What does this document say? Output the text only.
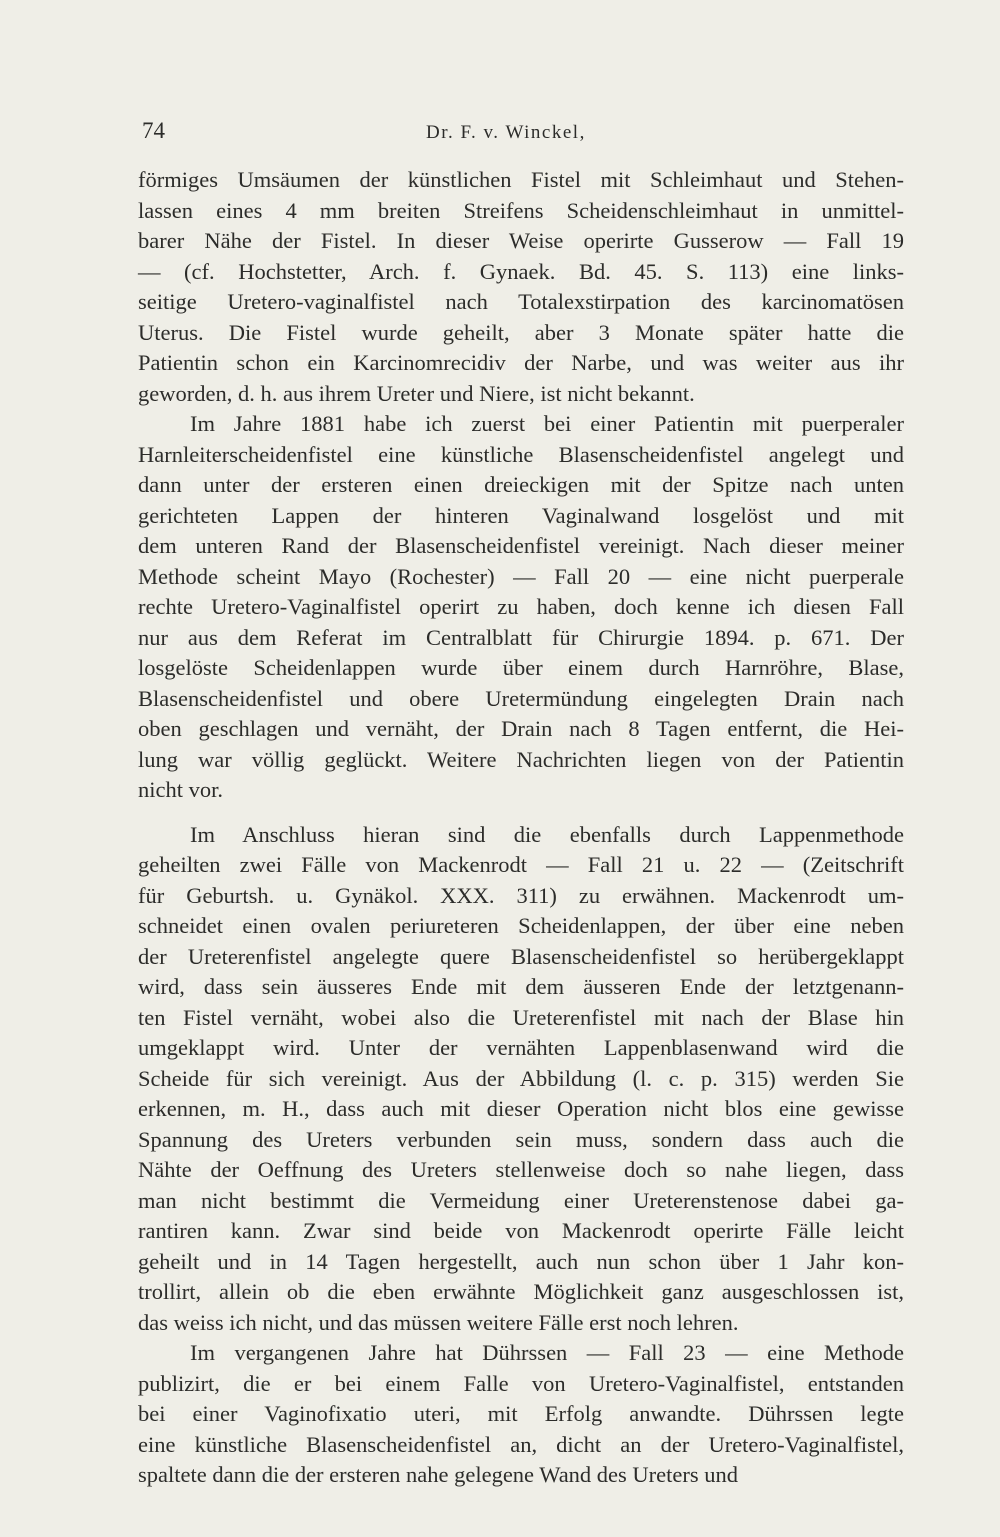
74	Dr. F. v. Winckel,
förmiges Umsäumen der künstlichen Fistel mit Schleimhaut und Stehen-
lassen eines 4 mm breiten Streifens Scheidenschleimhaut in unmittel-
barer Nähe der Fistel. In dieser Weise operirte Gusserow — Fall 19
— (cf. Hochstetter, Arch. f. Gynaek. Bd. 45. S. 113) eine links-
seitige Uretero-vaginalfistel nach Totalexstirpation des karcinomatösen
Uterus. Die Fistel wurde geheilt, aber 3 Monate später hatte die
Patientin schon ein Karcinomrecidiv der Narbe, und was weiter aus ihr
geworden, d. h. aus ihrem Ureter und Niere, ist nicht bekannt.
Im Jahre 1881 habe ich zuerst bei einer Patientin mit puerperaler
Harnleiterscheidenfistel eine künstliche Blasenscheidenfistel angelegt und
dann unter der ersteren einen dreieckigen mit der Spitze nach unten
gerichteten Lappen der hinteren Vaginalwand losgelöst und mit
dem unteren Rand der Blasenscheidenfistel vereinigt. Nach dieser meiner
Methode scheint Mayo (Rochester) — Fall 20 — eine nicht puerperale
rechte Uretero-Vaginalfistel operirt zu haben, doch kenne ich diesen Fall
nur aus dem Referat im Centralblatt für Chirurgie 1894. p. 671. Der
losgelöste Scheidenlappen wurde über einem durch Harnröhre, Blase,
Blasenscheidenfistel und obere Uretermündung eingelegten Drain nach
oben geschlagen und vernäht, der Drain nach 8 Tagen entfernt, die Hei-
lung war völlig geglückt. Weitere Nachrichten liegen von der Patientin
nicht vor.
Im Anschluss hieran sind die ebenfalls durch Lappenmethode
geheilten zwei Fälle von Mackenrodt — Fall 21 u. 22 — (Zeitschrift
für Geburtsh. u. Gynäkol. XXX. 311) zu erwähnen. Mackenrodt um-
schneidet einen ovalen periureteren Scheidenlappen, der über eine neben
der Ureterenfistel angelegte quere Blasenscheidenfistel so herübergeklappt
wird, dass sein äusseres Ende mit dem äusseren Ende der letztgenann-
ten Fistel vernäht, wobei also die Ureterenfistel mit nach der Blase hin
umgeklappt wird. Unter der vernähten Lappenblasenwand wird die
Scheide für sich vereinigt. Aus der Abbildung (l. c. p. 315) werden Sie
erkennen, m. H., dass auch mit dieser Operation nicht blos eine gewisse
Spannung des Ureters verbunden sein muss, sondern dass auch die
Nähte der Oeffnung des Ureters stellenweise doch so nahe liegen, dass
man nicht bestimmt die Vermeidung einer Ureterenstenose dabei ga-
rantiren kann. Zwar sind beide von Mackenrodt operirte Fälle leicht
geheilt und in 14 Tagen hergestellt, auch nun schon über 1 Jahr kon-
trollirt, allein ob die eben erwähnte Möglichkeit ganz ausgeschlossen ist,
das weiss ich nicht, und das müssen weitere Fälle erst noch lehren.
Im vergangenen Jahre hat Dührssen — Fall 23 — eine Methode
publizirt, die er bei einem Falle von Uretero-Vaginalfistel, entstanden
bei einer Vaginofixatio uteri, mit Erfolg anwandte. Dührssen legte
eine künstliche Blasenscheidenfistel an, dicht an der Uretero-Vaginalfistel,
spaltete dann die der ersteren nahe gelegene Wand des Ureters und
